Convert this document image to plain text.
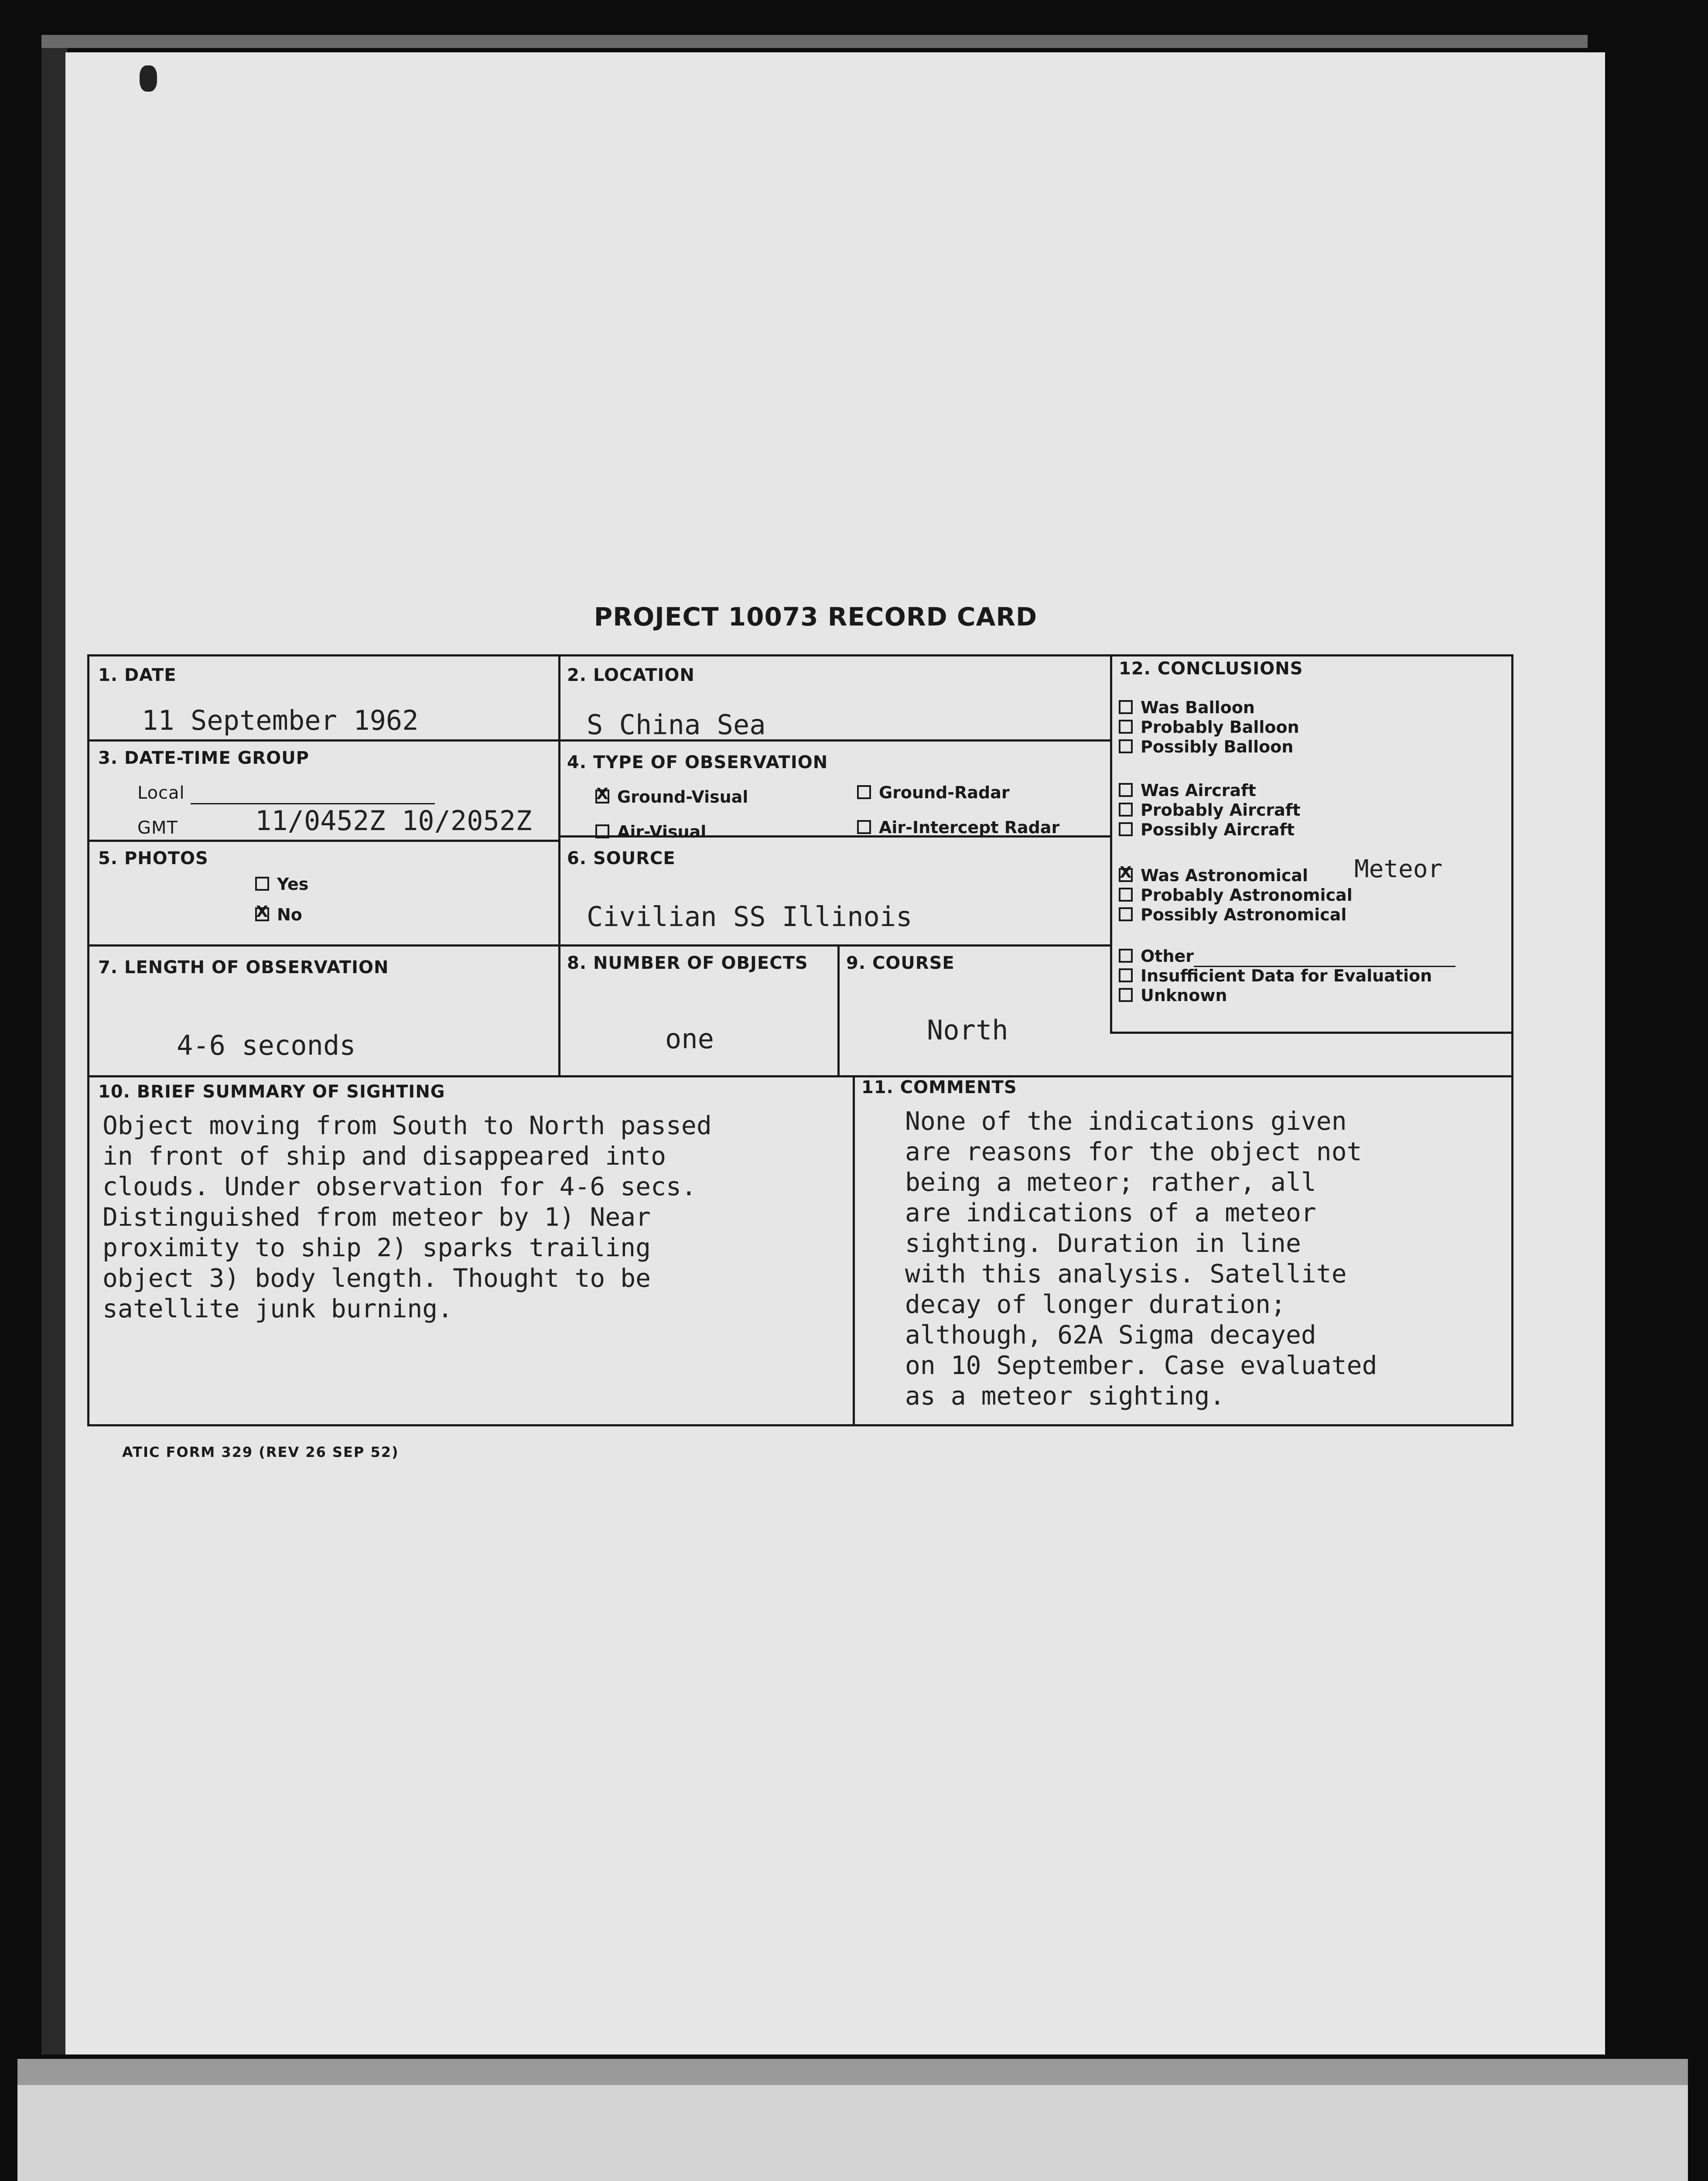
PROJECT 10073 RECORD CARD
1. DATE
11 September 1962
2. LOCATION
S China Sea
3. DATE-TIME GROUP
Local
GMT	11/0452Z 10/2052Z
4. TYPE OF OBSERVATION
XGround-Visual	Ground-Radar
Air-Visual	Air-Intercept Radar
5. PHOTOS
Yes
XNo
6. SOURCE
Civilian SS Illinois
7. LENGTH OF OBSERVATION
4-6 seconds
8. NUMBER OF OBJECTS
one
9. COURSE
North
10. BRIEF SUMMARY OF SIGHTING
Object moving from South to North passed
in front of ship and disappeared into
clouds. Under observation for 4-6 secs.
Distinguished from meteor by 1) Near
proximity to ship 2) sparks trailing
object 3) body length. Thought to be
satellite junk burning.
11. COMMENTS
None of the indications given
are reasons for the object not
being a meteor; rather, all
are indications of a meteor
sighting. Duration in line
with this analysis. Satellite
decay of longer duration;
although, 62A Sigma decayed
on 10 September. Case evaluated
as a meteor sighting.
12. CONCLUSIONS
Was Balloon
Probably Balloon
Possibly Balloon
Was Aircraft
Probably Aircraft
Possibly Aircraft
XWas Astronomical Meteor
Probably Astronomical
Possibly Astronomical
Other
Insufficient Data for Evaluation
Unknown
ATIC FORM 329 (REV 26 SEP 52)
